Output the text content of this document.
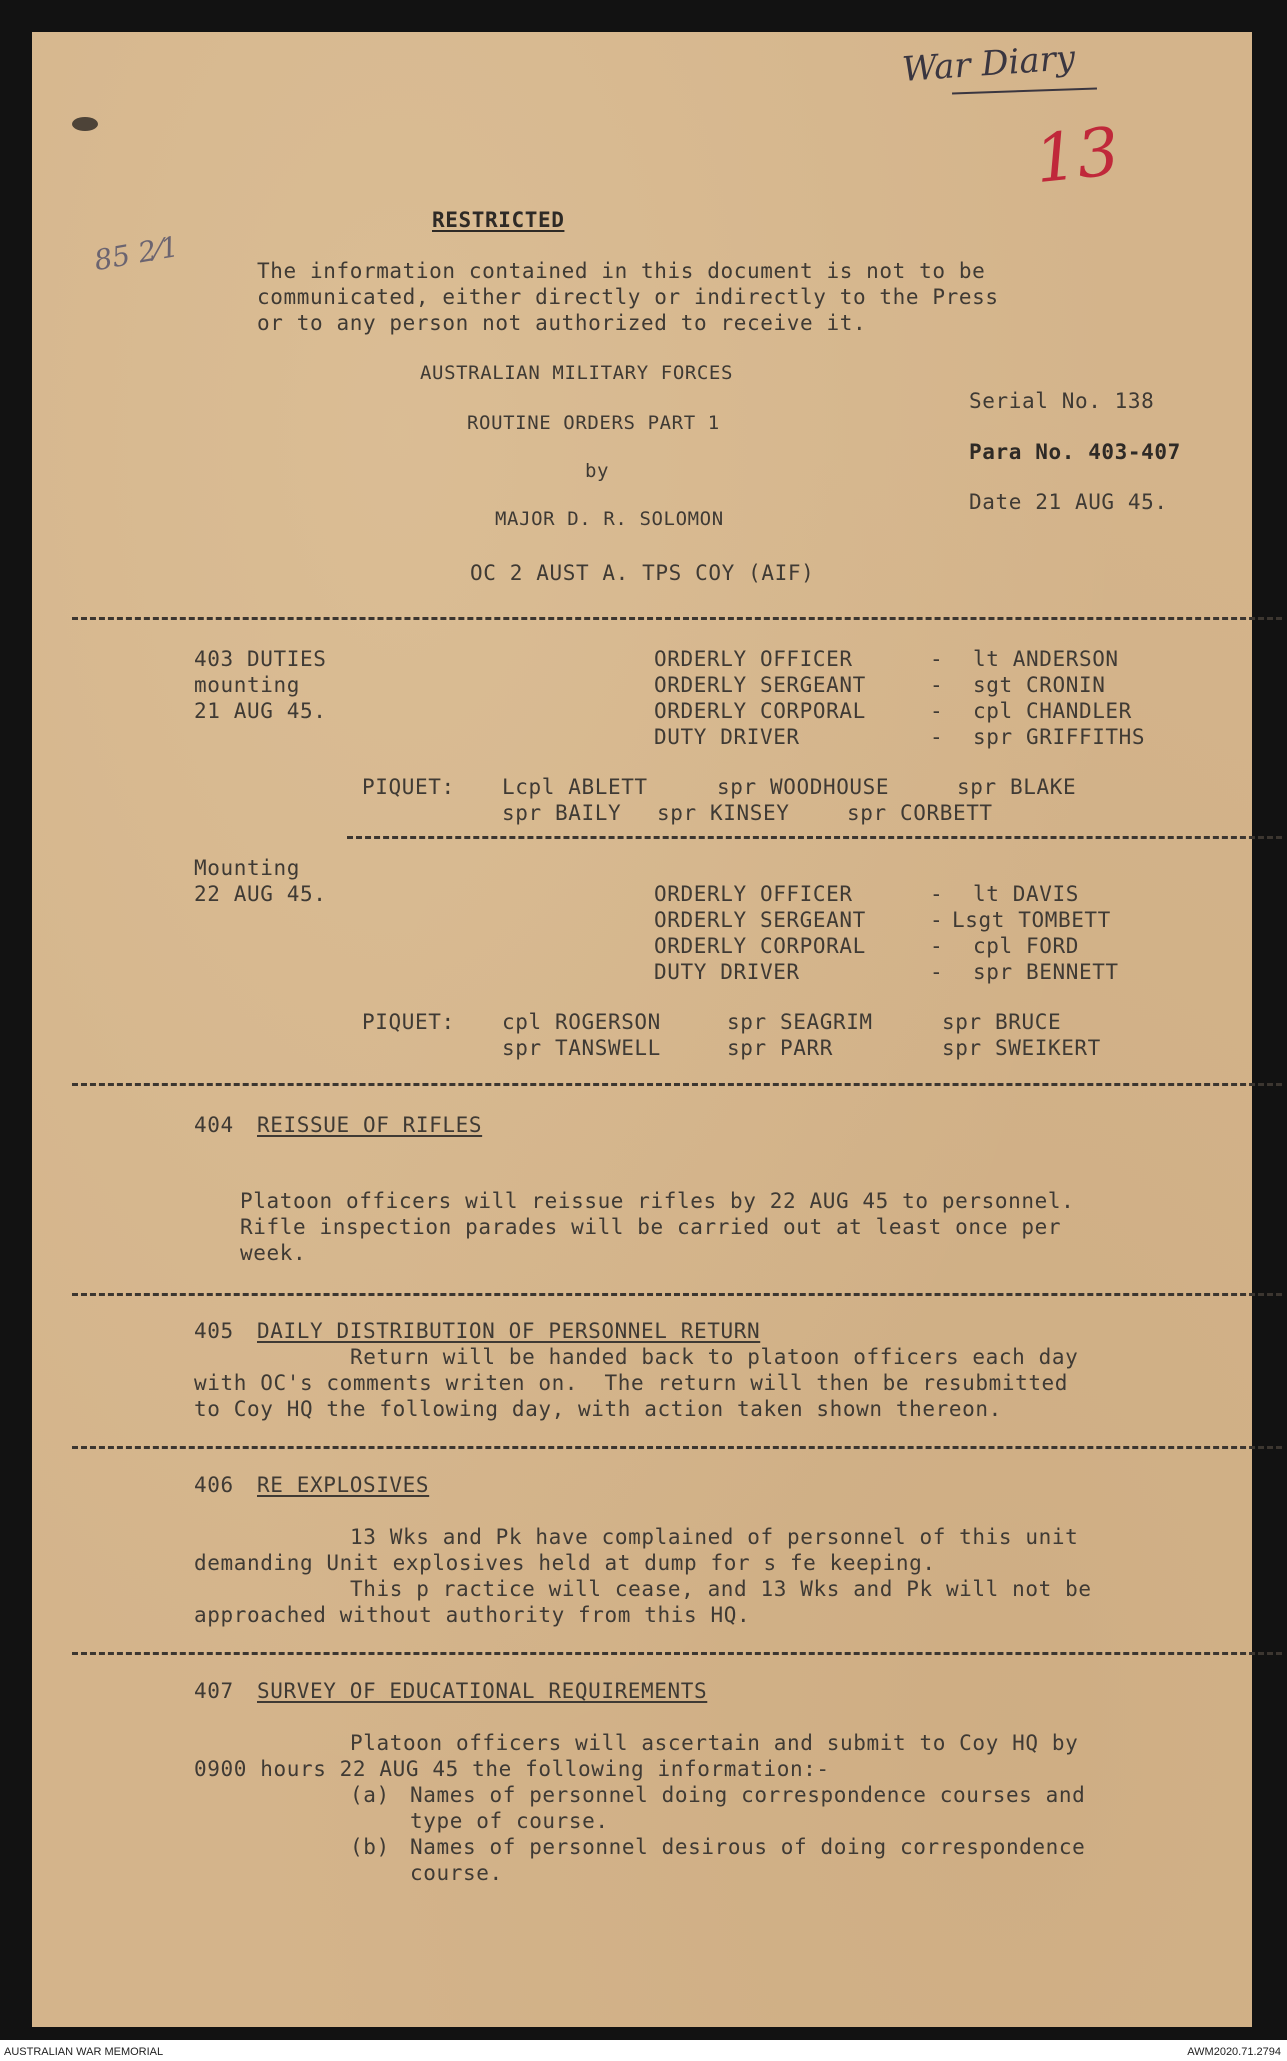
War Diary
13
85 2⁄1
RESTRICTED
The information contained in this document is not to be
communicated, either directly or indirectly to the Press
or to any person not authorized to receive it.
AUSTRALIAN MILITARY FORCES
ROUTINE ORDERS PART 1
by
MAJOR D. R. SOLOMON
OC 2 AUST A. TPS COY (AIF)
Serial No. 138
Para No. 403-407
Date 21 AUG 45.
403 DUTIES
mounting
21 AUG 45.
ORDERLY OFFICER	- lt ANDERSON
ORDERLY SERGEANT	- sgt CRONIN
ORDERLY CORPORAL	- cpl CHANDLER
DUTY DRIVER	- spr GRIFFITHS
PIQUET: Lcpl ABLETT	spr WOODHOUSE	spr BLAKE
spr BAILY spr KINSEY	spr CORBETT
Mounting
22 AUG 45.	ORDERLY OFFICER	- lt DAVIS
ORDERLY SERGEANT	- Lsgt TOMBETT
ORDERLY CORPORAL	- cpl FORD
DUTY DRIVER	- spr BENNETT
PIQUET: cpl ROGERSON	spr SEAGRIM	spr BRUCE
spr TANSWELL	spr PARR	spr SWEIKERT
404 REISSUE OF RIFLES
Platoon officers will reissue rifles by 22 AUG 45 to personnel.
Rifle inspection parades will be carried out at least once per
week.
405 DAILY DISTRIBUTION OF PERSONNEL RETURN
Return will be handed back to platoon officers each day
with OC's comments writen on.  The return will then be resubmitted
to Coy HQ the following day, with action taken shown thereon.
406 RE EXPLOSIVES
13 Wks and Pk have complained of personnel of this unit
demanding Unit explosives held at dump for s fe keeping.
This p ractice will cease, and 13 Wks and Pk will not be
approached without authority from this HQ.
407 SURVEY OF EDUCATIONAL REQUIREMENTS
Platoon officers will ascertain and submit to Coy HQ by
0900 hours 22 AUG 45 the following information:-
(a) Names of personnel doing correspondence courses and
type of course.
(b) Names of personnel desirous of doing correspondence
course.
AUSTRALIAN WAR MEMORIAL	AWM2020.71.2794
